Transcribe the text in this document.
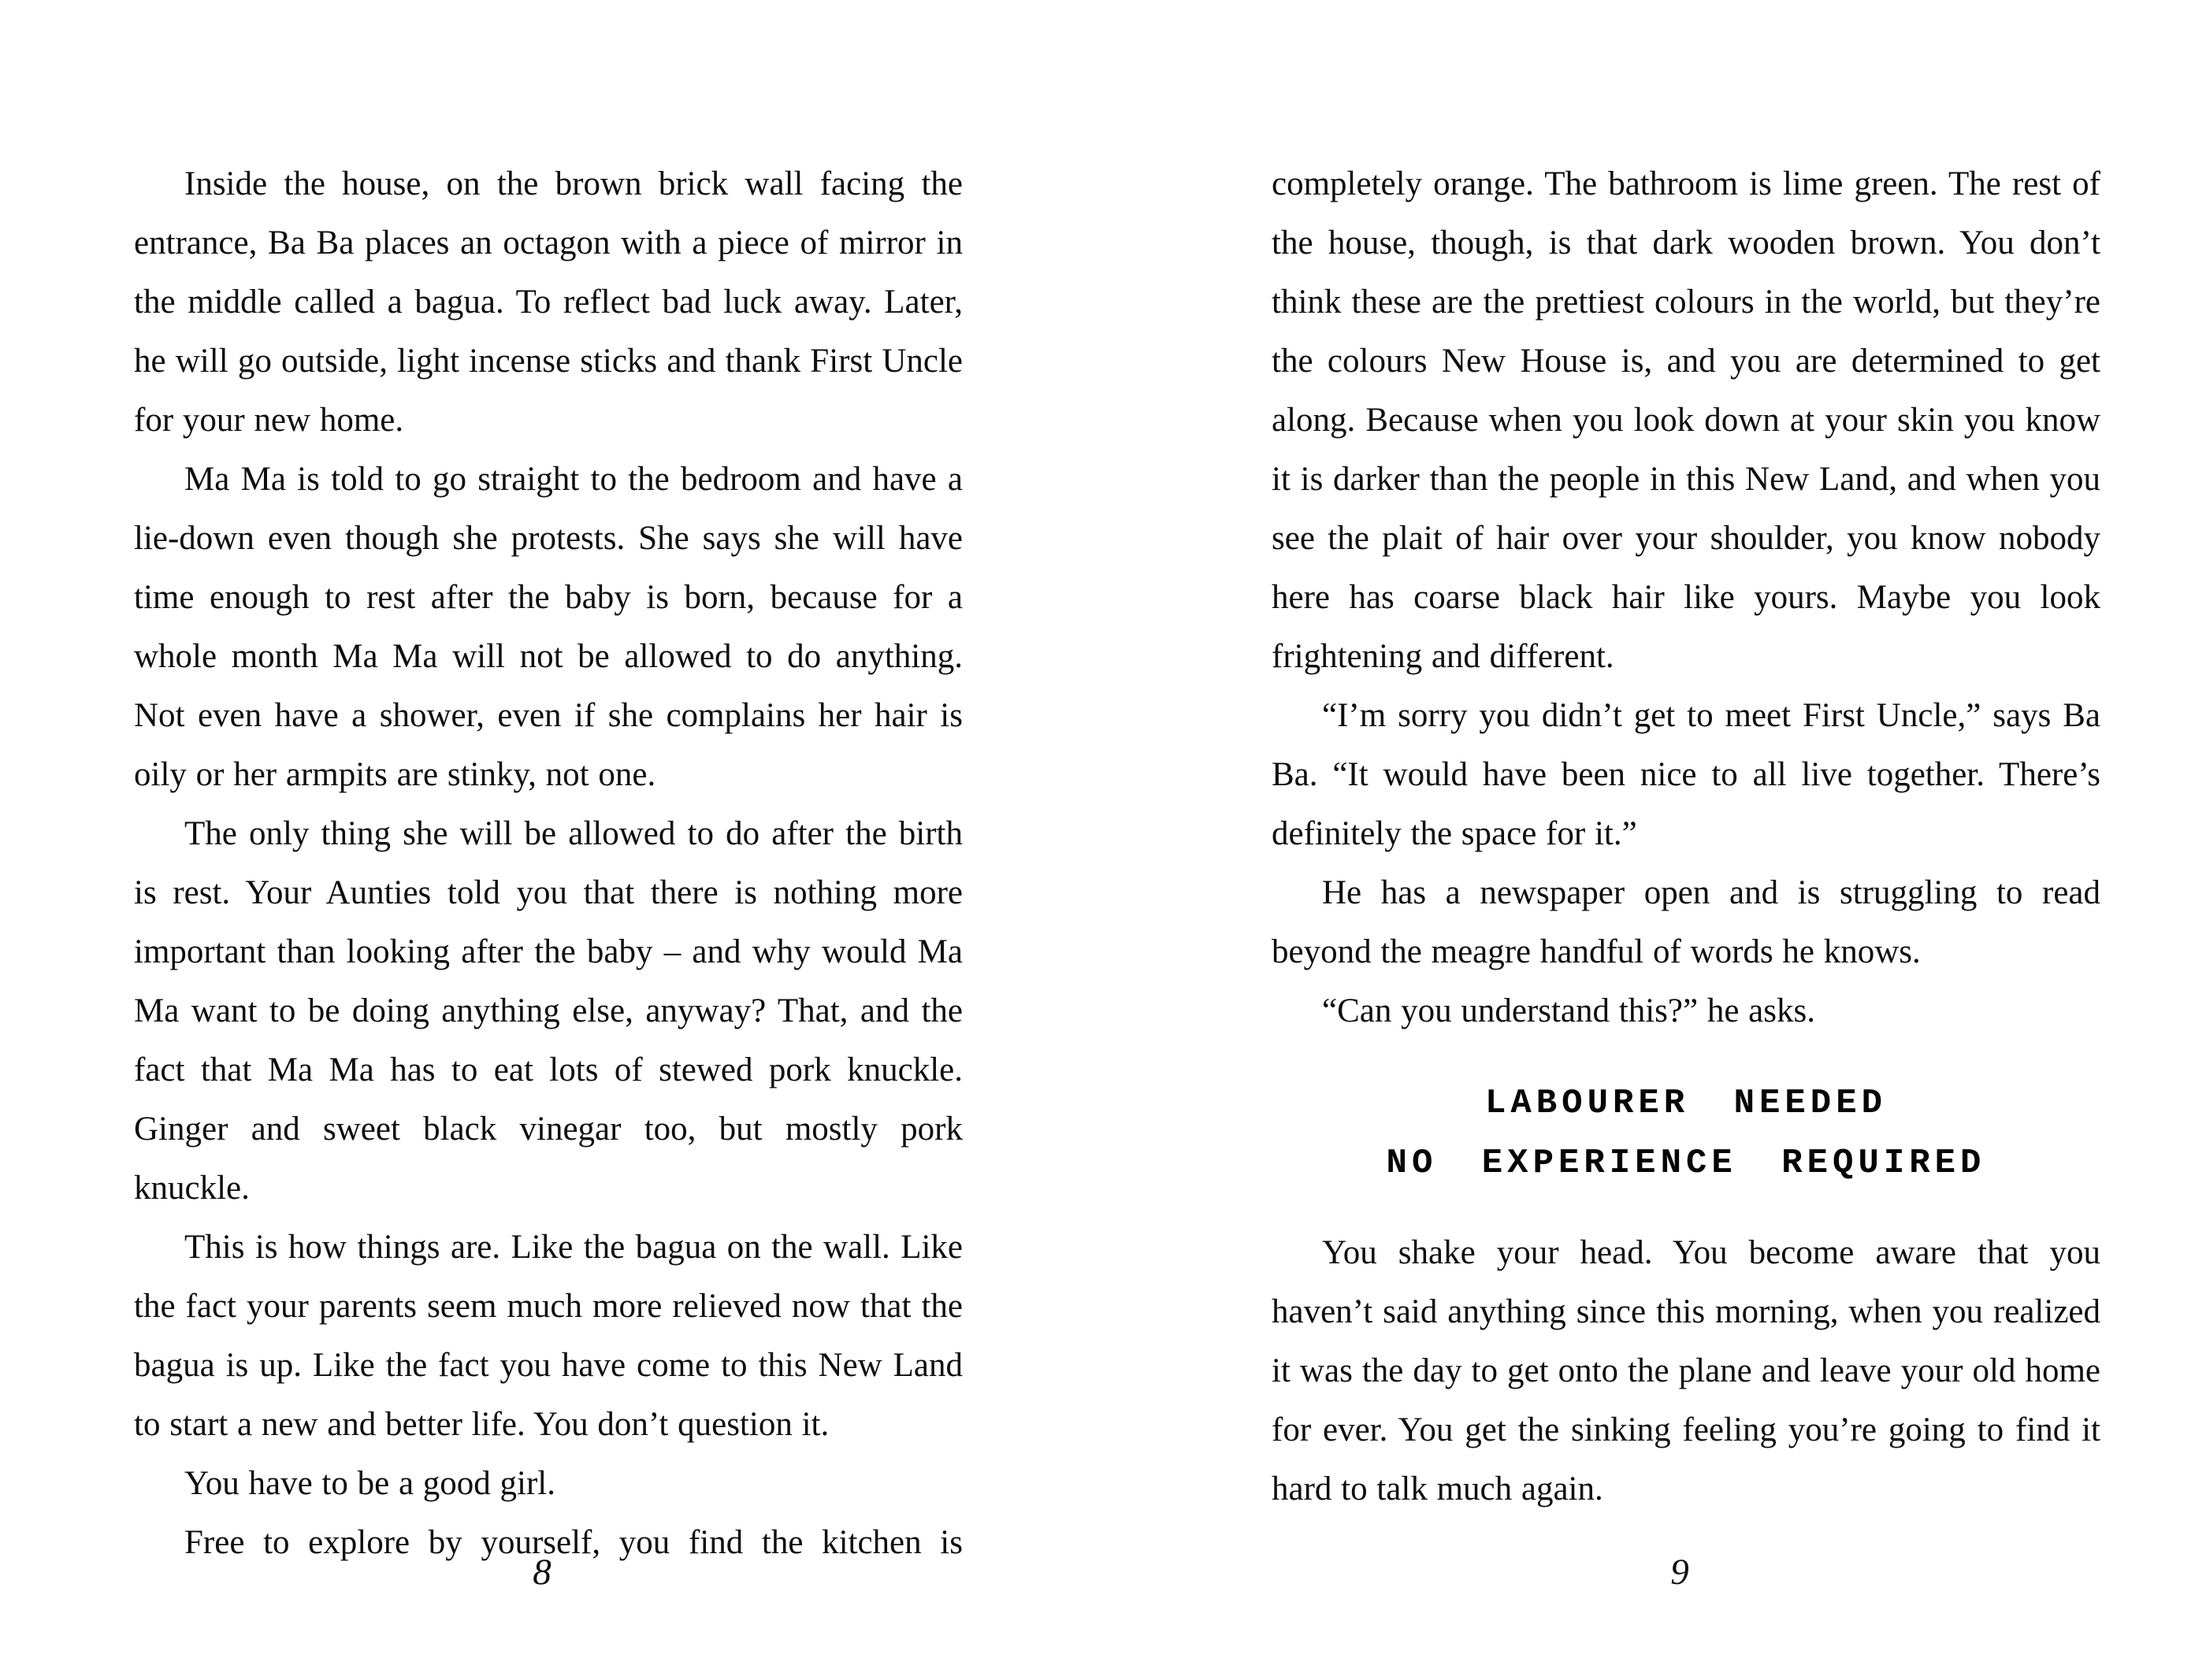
Inside the house, on the brown brick wall facing the entrance, Ba Ba places an octagon with a piece of mirror in the middle called a bagua. To reflect bad luck away. Later, he will go outside, light incense sticks and thank First Uncle for your new home.

Ma Ma is told to go straight to the bedroom and have a lie-down even though she protests. She says she will have time enough to rest after the baby is born, because for a whole month Ma Ma will not be allowed to do anything. Not even have a shower, even if she complains her hair is oily or her armpits are stinky, not one.

The only thing she will be allowed to do after the birth is rest. Your Aunties told you that there is nothing more important than looking after the baby – and why would Ma Ma want to be doing anything else, anyway? That, and the fact that Ma Ma has to eat lots of stewed pork knuckle. Ginger and sweet black vinegar too, but mostly pork knuckle.

This is how things are. Like the bagua on the wall. Like the fact your parents seem much more relieved now that the bagua is up. Like the fact you have come to this New Land to start a new and better life. You don’t question it.

You have to be a good girl.

Free to explore by yourself, you find the kitchen is

completely orange. The bathroom is lime green. The rest of the house, though, is that dark wooden brown. You don’t think these are the prettiest colours in the world, but they’re the colours New House is, and you are determined to get along. Because when you look down at your skin you know it is darker than the people in this New Land, and when you see the plait of hair over your shoulder, you know nobody here has coarse black hair like yours. Maybe you look frightening and different.

“I’m sorry you didn’t get to meet First Uncle,” says Ba Ba. “It would have been nice to all live together. There’s definitely the space for it.”

He has a newspaper open and is struggling to read beyond the meagre handful of words he knows.

“Can you understand this?” he asks.

LABOURER NEEDED
NO EXPERIENCE REQUIRED

You shake your head. You become aware that you haven’t said anything since this morning, when you realized it was the day to get onto the plane and leave your old home for ever. You get the sinking feeling you’re going to find it hard to talk much again.

8	9
